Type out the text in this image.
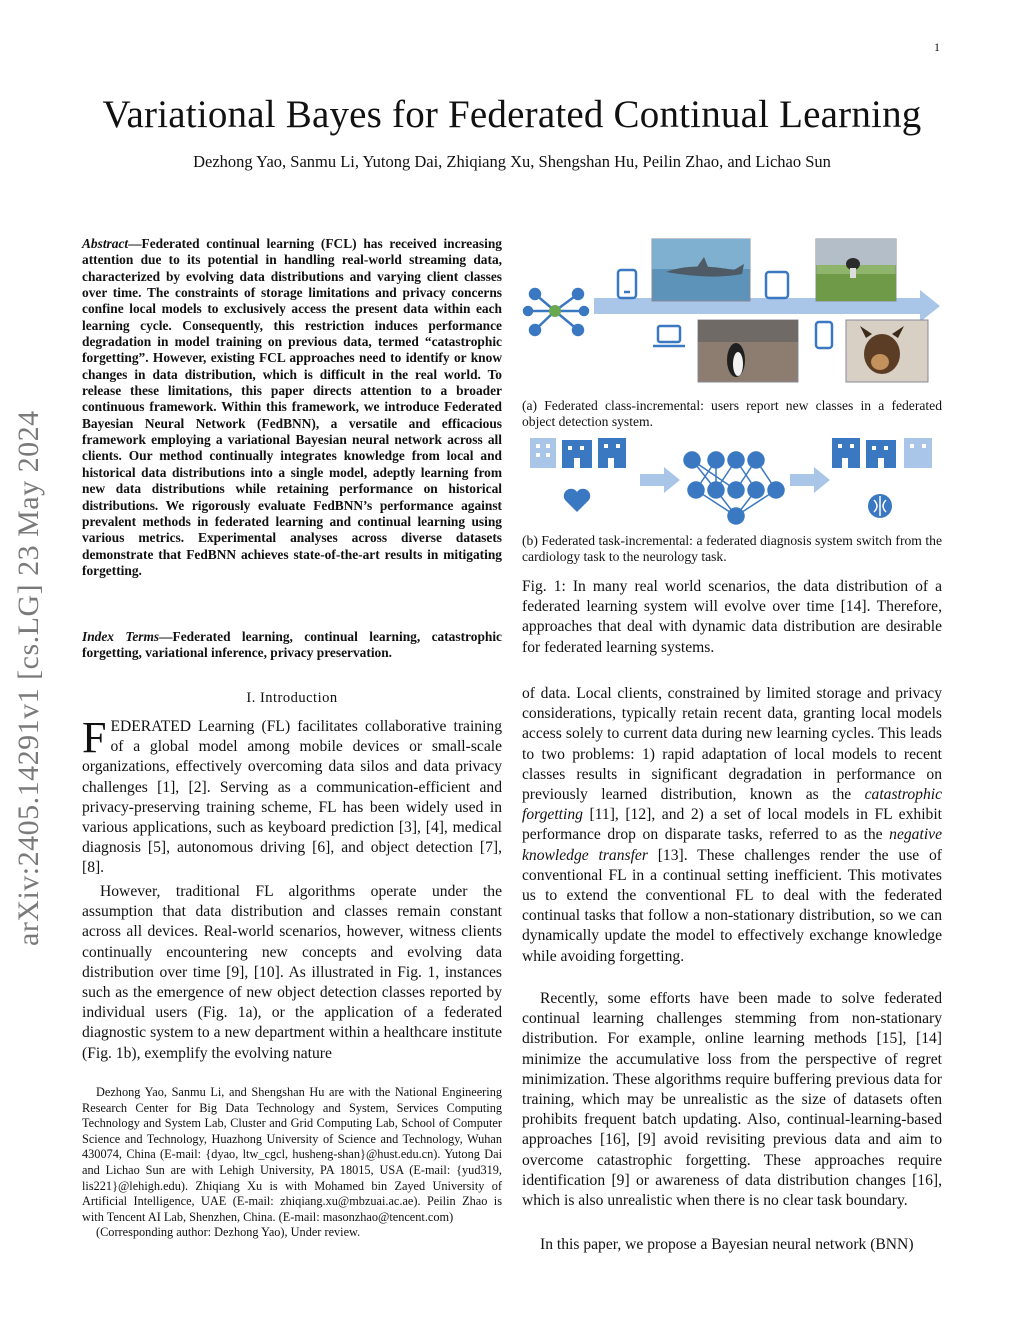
1
arXiv:2405.14291v1 [cs.LG] 23 May 2024
Variational Bayes for Federated Continual Learning
Dezhong Yao, Sanmu Li, Yutong Dai, Zhiqiang Xu, Shengshan Hu, Peilin Zhao, and Lichao Sun
Abstract—Federated continual learning (FCL) has received increasing attention due to its potential in handling real-world streaming data, characterized by evolving data distributions and varying client classes over time. The constraints of storage limitations and privacy concerns confine local models to exclusively access the present data within each learning cycle. Consequently, this restriction induces performance degradation in model training on previous data, termed “catastrophic forgetting”. However, existing FCL approaches need to identify or know changes in data distribution, which is difficult in the real world. To release these limitations, this paper directs attention to a broader continuous framework. Within this framework, we introduce Federated Bayesian Neural Network (FedBNN), a versatile and efficacious framework employing a variational Bayesian neural network across all clients. Our method continually integrates knowledge from local and historical data distributions into a single model, adeptly learning from new data distributions while retaining performance on historical distributions. We rigorously evaluate FedBNN’s performance against prevalent methods in federated learning and continual learning using various metrics. Experimental analyses across diverse datasets demonstrate that FedBNN achieves state-of-the-art results in mitigating forgetting.
Index Terms—Federated learning, continual learning, catastrophic forgetting, variational inference, privacy preservation.
I. Introduction
FEDERATED Learning (FL) facilitates collaborative training of a global model among mobile devices or small-scale organizations, effectively overcoming data silos and data privacy challenges [1], [2]. Serving as a communication-efficient and privacy-preserving training scheme, FL has been widely used in various applications, such as keyboard prediction [3], [4], medical diagnosis [5], autonomous driving [6], and object detection [7], [8].
However, traditional FL algorithms operate under the assumption that data distribution and classes remain constant across all devices. Real-world scenarios, however, witness clients continually encountering new concepts and evolving data distribution over time [9], [10]. As illustrated in Fig. 1, instances such as the emergence of new object detection classes reported by individual users (Fig. 1a), or the application of a federated diagnostic system to a new department within a healthcare institute (Fig. 1b), exemplify the evolving nature

Dezhong Yao, Sanmu Li, and Shengshan Hu are with the National Engineering Research Center for Big Data Technology and System, Services Computing Technology and System Lab, Cluster and Grid Computing Lab, School of Computer Science and Technology, Huazhong University of Science and Technology, Wuhan 430074, China (E-mail: {dyao, ltw_cgcl, husheng-shan}@hust.edu.cn). Yutong Dai and Lichao Sun are with Lehigh University, PA 18015, USA (E-mail: {yud319, lis221}@lehigh.edu). Zhiqiang Xu is with Mohamed bin Zayed University of Artificial Intelligence, UAE (E-mail: zhiqiang.xu@mbzuai.ac.ae). Peilin Zhao is with Tencent AI Lab, Shenzhen, China. (E-mail: masonzhao@tencent.com)

(Corresponding author: Dezhong Yao), Under review.

(a) Federated class-incremental: users report new classes in a federated object detection system.
(b) Federated task-incremental: a federated diagnosis system switch from the cardiology task to the neurology task.
Fig. 1: In many real world scenarios, the data distribution of a federated learning system will evolve over time [14]. Therefore, approaches that deal with dynamic data distribution are desirable for federated learning systems.
of data. Local clients, constrained by limited storage and privacy considerations, typically retain recent data, granting local models access solely to current data during new learning cycles. This leads to two problems: 1) rapid adaptation of local models to recent classes results in significant degradation in performance on previously learned distribution, known as the catastrophic forgetting [11], [12], and 2) a set of local models in FL exhibit performance drop on disparate tasks, referred to as the negative knowledge transfer [13]. These challenges render the use of conventional FL in a continual setting inefficient. This motivates us to extend the conventional FL to deal with the federated continual tasks that follow a non-stationary distribution, so we can dynamically update the model to effectively exchange knowledge while avoiding forgetting.
Recently, some efforts have been made to solve federated continual learning challenges stemming from non-stationary distribution. For example, online learning methods [15], [14] minimize the accumulative loss from the perspective of regret minimization. These algorithms require buffering previous data for training, which may be unrealistic as the size of datasets often prohibits frequent batch updating. Also, continual-learning-based approaches [16], [9] avoid revisiting previous data and aim to overcome catastrophic forgetting. These approaches require identification [9] or awareness of data distribution changes [16], which is also unrealistic when there is no clear task boundary.
In this paper, we propose a Bayesian neural network (BNN)
